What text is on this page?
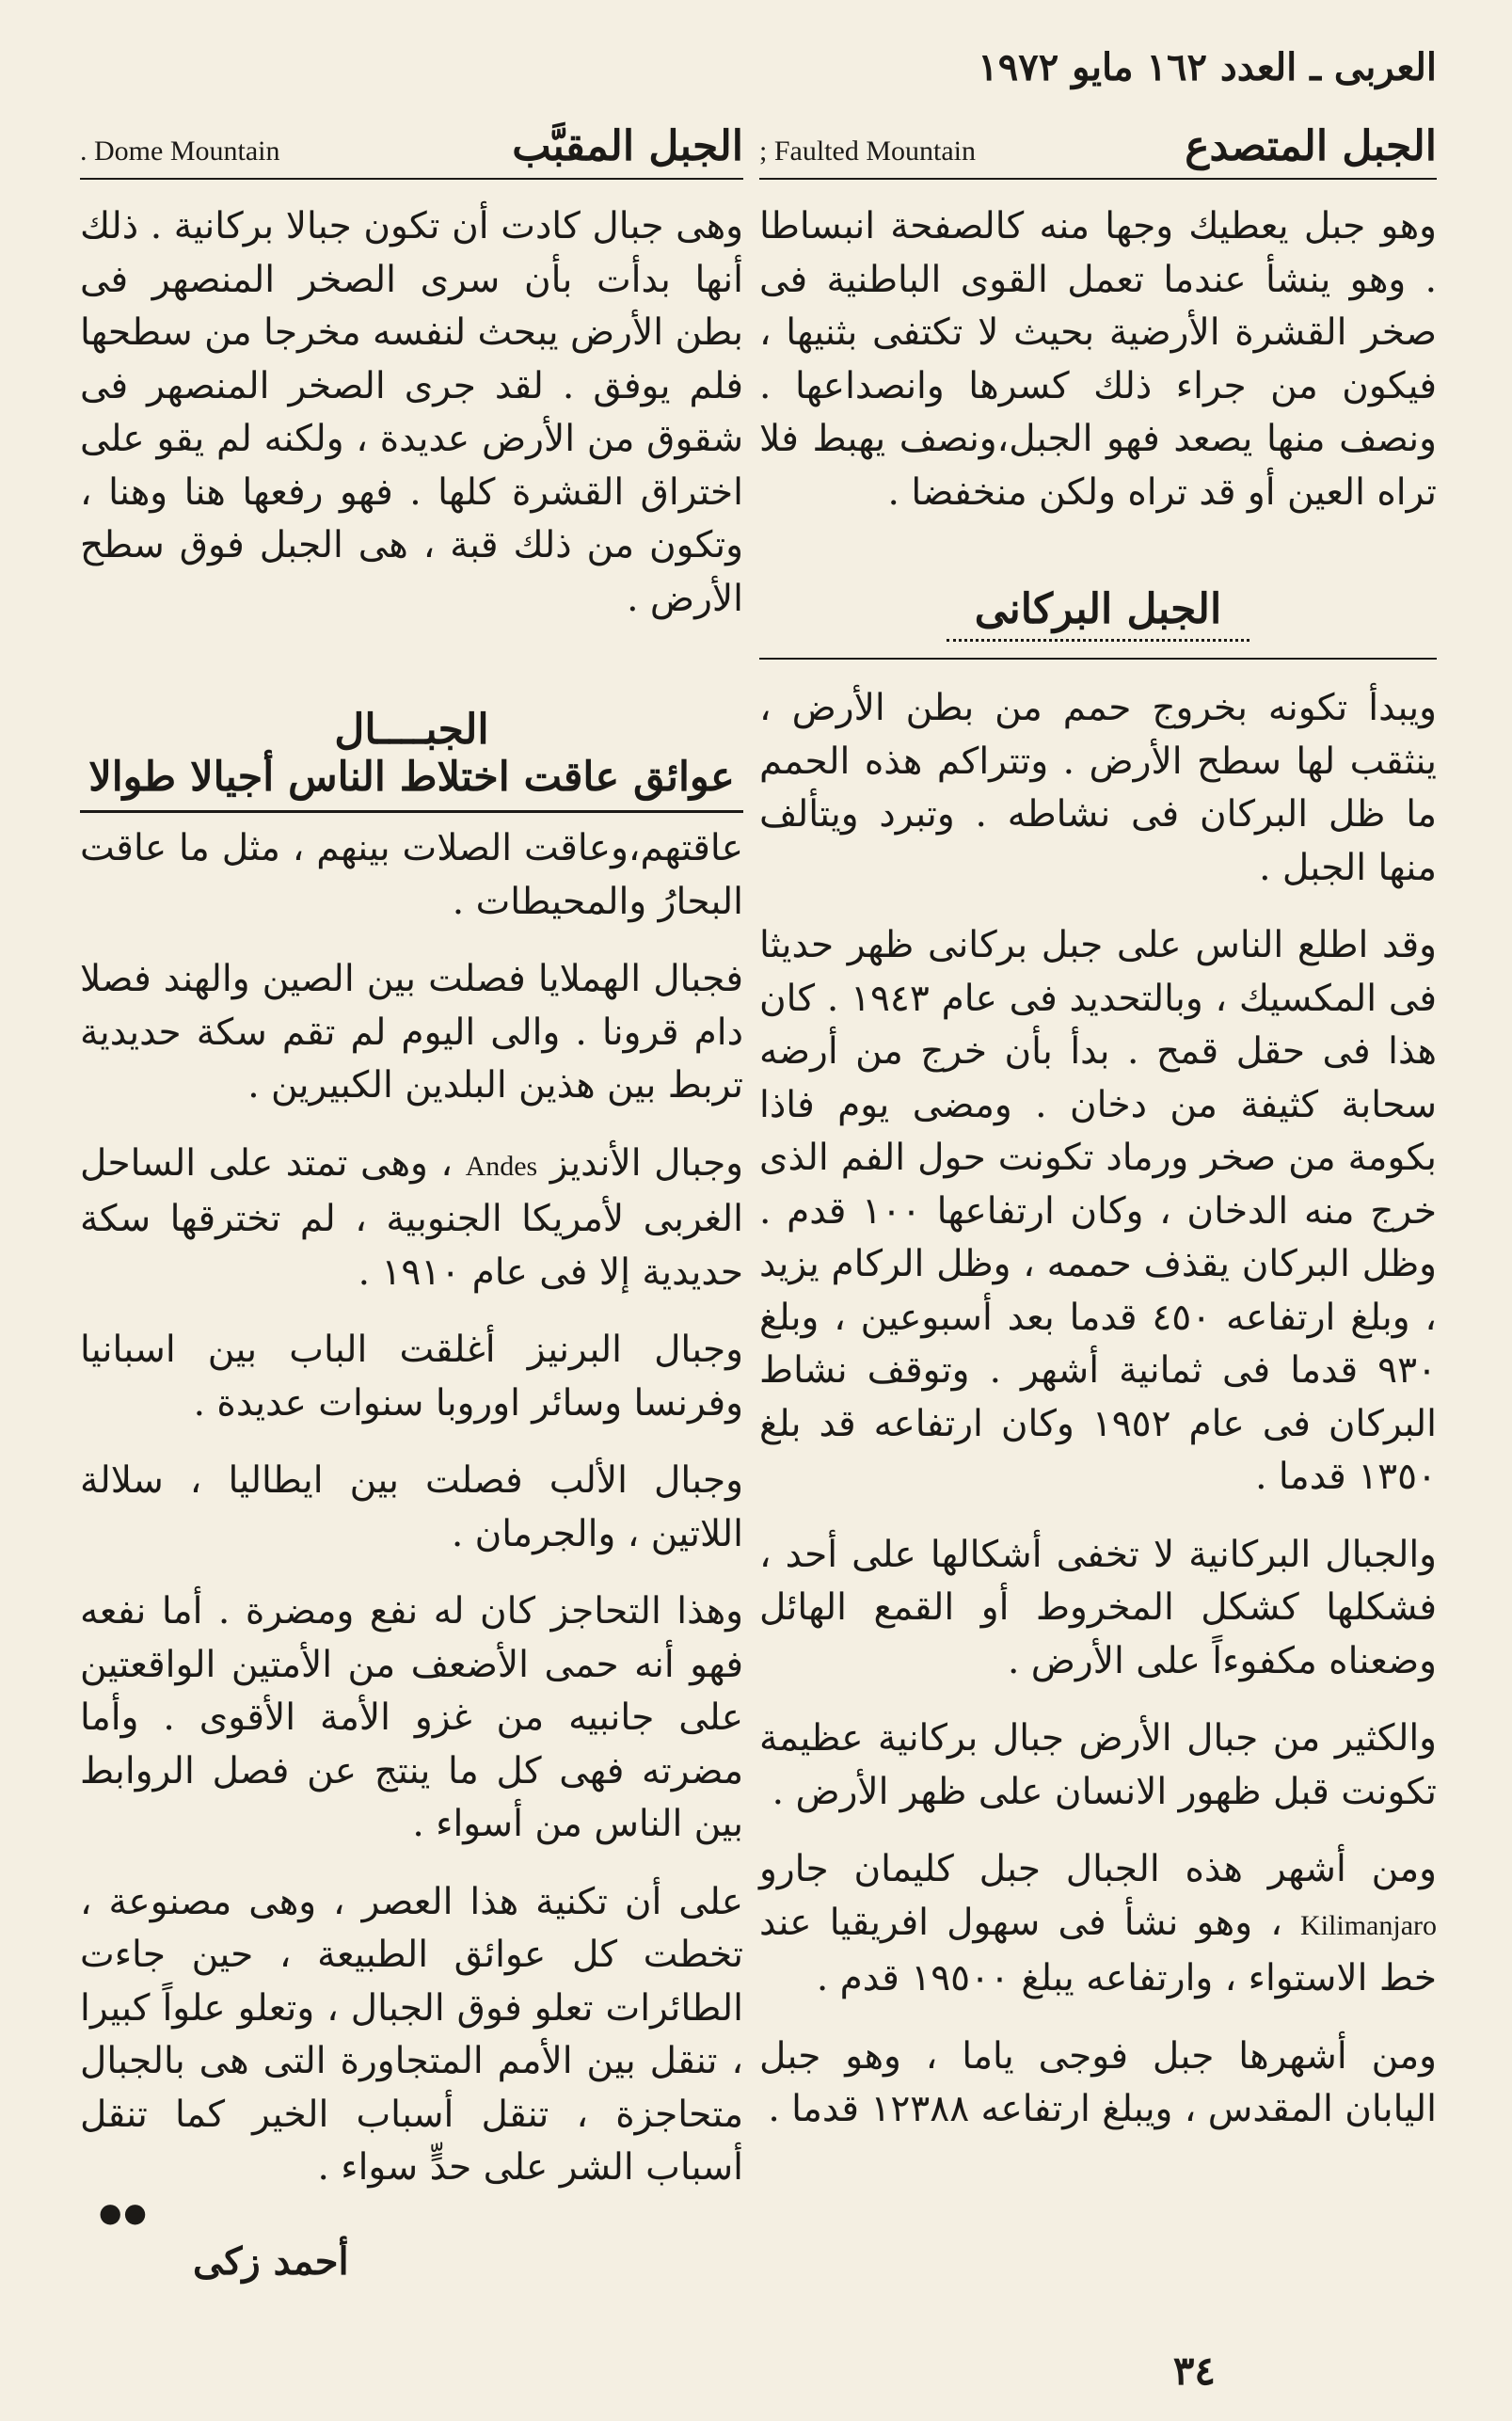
العربى ـ العدد ١٦٢ مايو ١٩٧٢
الجبل المتصدع
; Faulted Mountain

وهو جبل يعطيك وجها منه كالصفحة انبساطا . وهو ينشأ عندما تعمل القوى الباطنية فى صخر القشرة الأرضية بحيث لا تكتفى بثنيها ، فيكون من جراء ذلك كسرها وانصداعها . ونصف منها يصعد فهو الجبل،ونصف يهبط فلا تراه العين أو قد تراه ولكن منخفضا .

الجبل البركانى

ويبدأ تكونه بخروج حمم من بطن الأرض ، ينثقب لها سطح الأرض . وتتراكم هذه الحمم ما ظل البركان فى نشاطه . وتبرد ويتألف منها الجبل .

وقد اطلع الناس على جبل بركانى ظهر حديثا فى المكسيك ، وبالتحديد فى عام ١٩٤٣ . كان هذا فى حقل قمح . بدأ بأن خرج من أرضه سحابة كثيفة من دخان . ومضى يوم فاذا بكومة من صخر ورماد تكونت حول الفم الذى خرج منه الدخان ، وكان ارتفاعها ١٠٠ قدم . وظل البركان يقذف حممه ، وظل الركام يزيد ، وبلغ ارتفاعه ٤٥٠ قدما بعد أسبوعين ، وبلغ ٩٣٠ قدما فى ثمانية أشهر . وتوقف نشاط البركان فى عام ١٩٥٢ وكان ارتفاعه قد بلغ ١٣٥٠ قدما .

والجبال البركانية لا تخفى أشكالها على أحد ، فشكلها كشكل المخروط أو القمع الهائل وضعناه مكفوءاً على الأرض .

والكثير من جبال الأرض جبال بركانية عظيمة تكونت قبل ظهور الانسان على ظهر الأرض .

ومن أشهر هذه الجبال جبل كليمان جارو Kilimanjaro ، وهو نشأ فى سهول افريقيا عند خط الاستواء ، وارتفاعه يبلغ ١٩٥٠٠ قدم .

ومن أشهرها جبل فوجى ياما ، وهو جبل اليابان المقدس ، ويبلغ ارتفاعه ١٢٣٨٨ قدما .

الجبل المقبَّب
. Dome Mountain

وهى جبال كادت أن تكون جبالا بركانية . ذلك أنها بدأت بأن سرى الصخر المنصهر فى بطن الأرض يبحث لنفسه مخرجا من سطحها فلم يوفق . لقد جرى الصخر المنصهر فى شقوق من الأرض عديدة ، ولكنه لم يقو على اختراق القشرة كلها . فهو رفعها هنا وهنا ، وتكون من ذلك قبة ، هى الجبل فوق سطح الأرض .

الجبــــال
عوائق عاقت اختلاط الناس أجيالا طوالا

عاقتهم،وعاقت الصلات بينهم ، مثل ما عاقت البحارُ والمحيطات .

فجبال الهملايا فصلت بين الصين والهند فصلا دام قرونا . والى اليوم لم تقم سكة حديدية تربط بين هذين البلدين الكبيرين .

وجبال الأنديز Andes ، وهى تمتد على الساحل الغربى لأمريكا الجنوبية ، لم تخترقها سكة حديدية إلا فى عام ١٩١٠ .

وجبال البرنيز أغلقت الباب بين اسبانيا وفرنسا وسائر اوروبا سنوات عديدة .

وجبال الألب فصلت بين ايطاليا ، سلالة اللاتين ، والجرمان .

وهذا التحاجز كان له نفع ومضرة . أما نفعه فهو أنه حمى الأضعف من الأمتين الواقعتين على جانبيه من غزو الأمة الأقوى . وأما مضرته فهى كل ما ينتج عن فصل الروابط بين الناس من أسواء .

على أن تكنية هذا العصر ، وهى مصنوعة ، تخطت كل عوائق الطبيعة ، حين جاءت الطائرات تعلو فوق الجبال ، وتعلو علواً كبيرا ، تنقل بين الأمم المتجاورة التى هى بالجبال متحاجزة ، تنقل أسباب الخير كما تنقل أسباب الشر على حدٍّ سواء .

●●
أحمد زكى
٣٤
